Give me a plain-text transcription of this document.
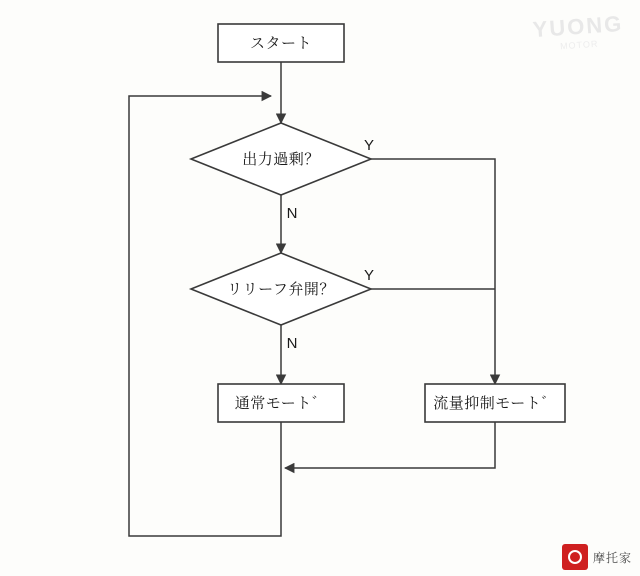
YUONG
MOTOR
スタート
出力過剰？
リリーフ弁開？
通常モート゛	流量抑制モート゛
Y
N
Y
N
摩托家
